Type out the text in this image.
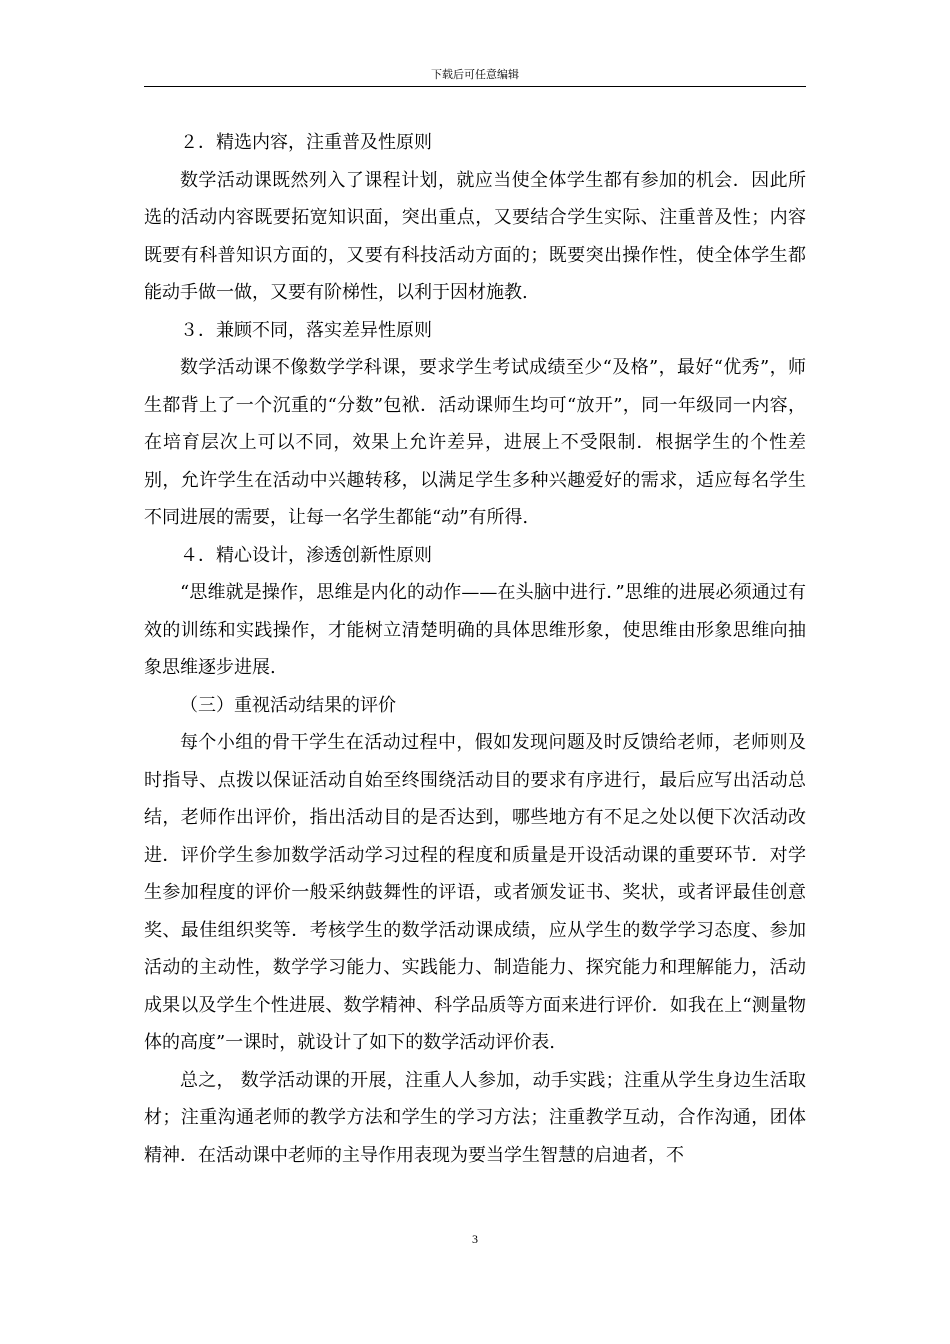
下载后可任意编辑

２．精选内容，注重普及性原则

数学活动课既然列入了课程计划，就应当使全体学生都有参加的机会．因此所选的活动内容既要拓宽知识面，突出重点，又要结合学生实际、注重普及性；内容既要有科普知识方面的，又要有科技活动方面的；既要突出操作性，使全体学生都能动手做一做，又要有阶梯性，以利于因材施教.

３．兼顾不同，落实差异性原则

数学活动课不像数学学科课，要求学生考试成绩至少“及格”，最好“优秀”，师生都背上了一个沉重的“分数”包袱．活动课师生均可“放开”，同一年级同一内容，在培育层次上可以不同，效果上允许差异，进展上不受限制．根据学生的个性差别，允许学生在活动中兴趣转移，以满足学生多种兴趣爱好的需求，适应每名学生不同进展的需要，让每一名学生都能“动”有所得.

４．精心设计，渗透创新性原则

“思维就是操作，思维是内化的动作——在头脑中进行．”思维的进展必须通过有效的训练和实践操作，才能树立清楚明确的具体思维形象，使思维由形象思维向抽象思维逐步进展.

（三）重视活动结果的评价

每个小组的骨干学生在活动过程中，假如发现问题及时反馈给老师，老师则及时指导、点拨以保证活动自始至终围绕活动目的要求有序进行，最后应写出活动总结，老师作出评价，指出活动目的是否达到，哪些地方有不足之处以便下次活动改进．评价学生参加数学活动学习过程的程度和质量是开设活动课的重要环节．对学生参加程度的评价一般采纳鼓舞性的评语，或者颁发证书、奖状，或者评最佳创意奖、最佳组织奖等．考核学生的数学活动课成绩，应从学生的数学学习态度、参加活动的主动性，数学学习能力、实践能力、制造能力、探究能力和理解能力，活动成果以及学生个性进展、数学精神、科学品质等方面来进行评价．如我在上“测量物体的高度”一课时，就设计了如下的数学活动评价表.

总之， 数学活动课的开展，注重人人参加，动手实践；注重从学生身边生活取材；注重沟通老师的教学方法和学生的学习方法；注重教学互动，合作沟通，团体精神．在活动课中老师的主导作用表现为要当学生智慧的启迪者，不

3
